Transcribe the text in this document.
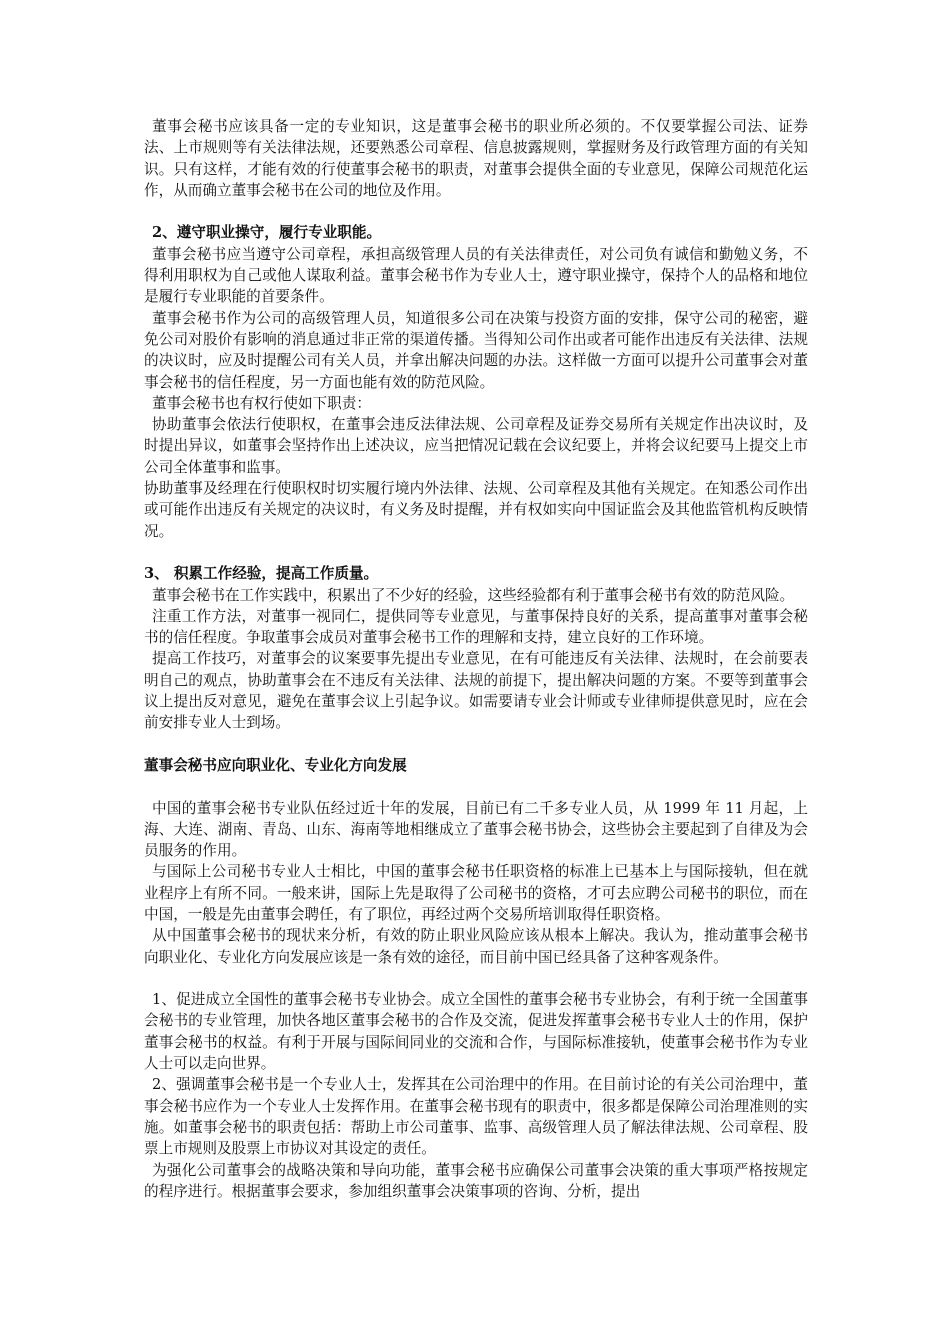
董事会秘书应该具备一定的专业知识，这是董事会秘书的职业所必须的。不仅要掌握公司法、证券法、上市规则等有关法律法规，还要熟悉公司章程、信息披露规则，掌握财务及行政管理方面的有关知识。只有这样，才能有效的行使董事会秘书的职责，对董事会提供全面的专业意见，保障公司规范化运作，从而确立董事会秘书在公司的地位及作用。

2、遵守职业操守，履行专业职能。

董事会秘书应当遵守公司章程，承担高级管理人员的有关法律责任，对公司负有诚信和勤勉义务，不得利用职权为自己或他人谋取利益。董事会秘书作为专业人士，遵守职业操守，保持个人的品格和地位是履行专业职能的首要条件。

董事会秘书作为公司的高级管理人员，知道很多公司在决策与投资方面的安排，保守公司的秘密，避免公司对股价有影响的消息通过非正常的渠道传播。当得知公司作出或者可能作出违反有关法律、法规的决议时，应及时提醒公司有关人员，并拿出解决问题的办法。这样做一方面可以提升公司董事会对董事会秘书的信任程度，另一方面也能有效的防范风险。

董事会秘书也有权行使如下职责：

协助董事会依法行使职权，在董事会违反法律法规、公司章程及证券交易所有关规定作出决议时，及时提出异议，如董事会坚持作出上述决议，应当把情况记载在会议纪要上，并将会议纪要马上提交上市公司全体董事和监事。

协助董事及经理在行使职权时切实履行境内外法律、法规、公司章程及其他有关规定。在知悉公司作出或可能作出违反有关规定的决议时，有义务及时提醒，并有权如实向中国证监会及其他监管机构反映情况。

3、 积累工作经验，提高工作质量。

董事会秘书在工作实践中，积累出了不少好的经验，这些经验都有利于董事会秘书有效的防范风险。

注重工作方法，对董事一视同仁，提供同等专业意见，与董事保持良好的关系，提高董事对董事会秘书的信任程度。争取董事会成员对董事会秘书工作的理解和支持，建立良好的工作环境。

提高工作技巧，对董事会的议案要事先提出专业意见，在有可能违反有关法律、法规时，在会前要表明自己的观点，协助董事会在不违反有关法律、法规的前提下，提出解决问题的方案。不要等到董事会议上提出反对意见，避免在董事会议上引起争议。如需要请专业会计师或专业律师提供意见时，应在会前安排专业人士到场。

董事会秘书应向职业化、专业化方向发展

中国的董事会秘书专业队伍经过近十年的发展，目前已有二千多专业人员，从 1999 年 11 月起，上海、大连、湖南、青岛、山东、海南等地相继成立了董事会秘书协会，这些协会主要起到了自律及为会员服务的作用。

与国际上公司秘书专业人士相比，中国的董事会秘书任职资格的标准上已基本上与国际接轨，但在就业程序上有所不同。一般来讲，国际上先是取得了公司秘书的资格，才可去应聘公司秘书的职位，而在中国，一般是先由董事会聘任，有了职位，再经过两个交易所培训取得任职资格。

从中国董事会秘书的现状来分析，有效的防止职业风险应该从根本上解决。我认为，推动董事会秘书向职业化、专业化方向发展应该是一条有效的途径，而目前中国已经具备了这种客观条件。

1、促进成立全国性的董事会秘书专业协会。成立全国性的董事会秘书专业协会，有利于统一全国董事会秘书的专业管理，加快各地区董事会秘书的合作及交流，促进发挥董事会秘书专业人士的作用，保护董事会秘书的权益。有利于开展与国际间同业的交流和合作，与国际标准接轨，使董事会秘书作为专业人士可以走向世界。

2、强调董事会秘书是一个专业人士，发挥其在公司治理中的作用。在目前讨论的有关公司治理中，董事会秘书应作为一个专业人士发挥作用。在董事会秘书现有的职责中，很多都是保障公司治理准则的实施。如董事会秘书的职责包括：帮助上市公司董事、监事、高级管理人员了解法律法规、公司章程、股票上市规则及股票上市协议对其设定的责任。

为强化公司董事会的战略决策和导向功能，董事会秘书应确保公司董事会决策的重大事项严格按规定的程序进行。根据董事会要求，参加组织董事会决策事项的咨询、分析，提出
